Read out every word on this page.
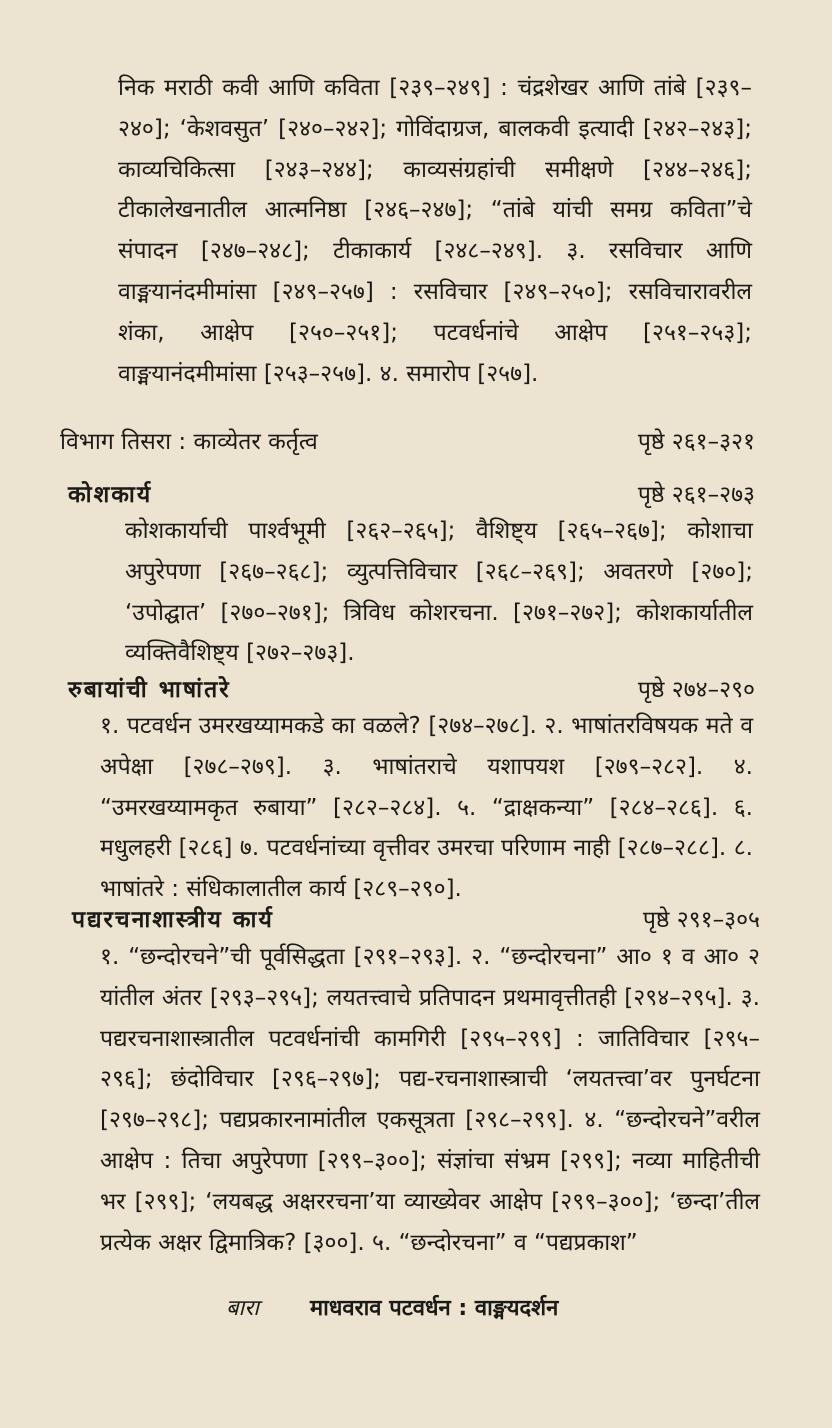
निक मराठी कवी आणि कविता [२३९–२४९] : चंद्रशेखर आणि तांबे [२३९–२४०]; ‘केशवसुत’ [२४०–२४२]; गोविंदाग्रज, बालकवी इत्यादी [२४२–२४३]; काव्यचिकित्सा [२४३–२४४]; काव्यसंग्रहांची समीक्षणे [२४४–२४६]; टीकालेखनातील आत्मनिष्ठा [२४६–२४७]; “तांबे यांची समग्र कविता”चे संपादन [२४७–२४८]; टीकाकार्य [२४८–२४९]. ३. रसविचार आणि वाङ्मयानंदमीमांसा [२४९–२५७] : रसविचार [२४९–२५०]; रसविचारावरील शंका, आक्षेप [२५०–२५१]; पटवर्धनांचे आक्षेप [२५१–२५३]; वाङ्मयानंदमीमांसा [२५३–२५७]. ४. समारोप [२५७].

विभाग तिसरा : काव्येतर कर्तृत्व	पृष्ठे २६१–३२१
कोशकार्य	पृष्ठे २६१–२७३

कोशकार्याची पार्श्वभूमी [२६२–२६५]; वैशिष्ट्य [२६५–२६७]; कोशाचा अपुरेपणा [२६७–२६८]; व्युत्पत्तिविचार [२६८–२६९]; अवतरणे [२७०]; ‘उपोद्घात’ [२७०–२७१]; त्रिविध कोशरचना. [२७१–२७२]; कोशकार्यातील व्यक्तिवैशिष्ट्य [२७२–२७३].

रुबायांची भाषांतरे	पृष्ठे २७४–२९०

१. पटवर्धन उमरखय्यामकडे का वळले? [२७४–२७८]. २. भाषांतरविषयक मते व अपेक्षा [२७८–२७९]. ३. भाषांतराचे यशापयश [२७९–२८२]. ४. “उमरखय्यामकृत रुबाया” [२८२–२८४]. ५. “द्राक्षकन्या” [२८४–२८६]. ६. मधुलहरी [२८६] ७. पटवर्धनांच्या वृत्तीवर उमरचा परिणाम नाही [२८७–२८८]. ८. भाषांतरे : संधिकालातील कार्य [२८९–२९०].

पद्यरचनाशास्त्रीय कार्य	पृष्ठे २९१–३०५

१. “छन्दोरचने”ची पूर्वसिद्धता [२९१–२९३]. २. “छन्दोरचना” आ० १ व आ० २ यांतील अंतर [२९३–२९५]; लयतत्त्वाचे प्रतिपादन प्रथमावृत्तीतही [२९४–२९५]. ३. पद्यरचनाशास्त्रातील पटवर्धनांची कामगिरी [२९५–२९९] : जातिविचार [२९५–२९६]; छंदोविचार [२९६–२९७]; पद्य-रचनाशास्त्राची ‘लयतत्त्वा’वर पुनर्घटना [२९७–२९८]; पद्यप्रकारनामांतील एकसूत्रता [२९८–२९९]. ४. “छन्दोरचने”वरील आक्षेप : तिचा अपुरेपणा [२९९–३००]; संज्ञांचा संभ्रम [२९९]; नव्या माहितीची भर [२९९]; ‘लयबद्ध अक्षररचना’या व्याख्येवर आक्षेप [२९९–३००]; ‘छन्दा’तील प्रत्येक अक्षर द्विमात्रिक? [३००]. ५. “छन्दोरचना” व “पद्यप्रकाश”

बारा माधवराव पटवर्धन : वाङ्मयदर्शन
